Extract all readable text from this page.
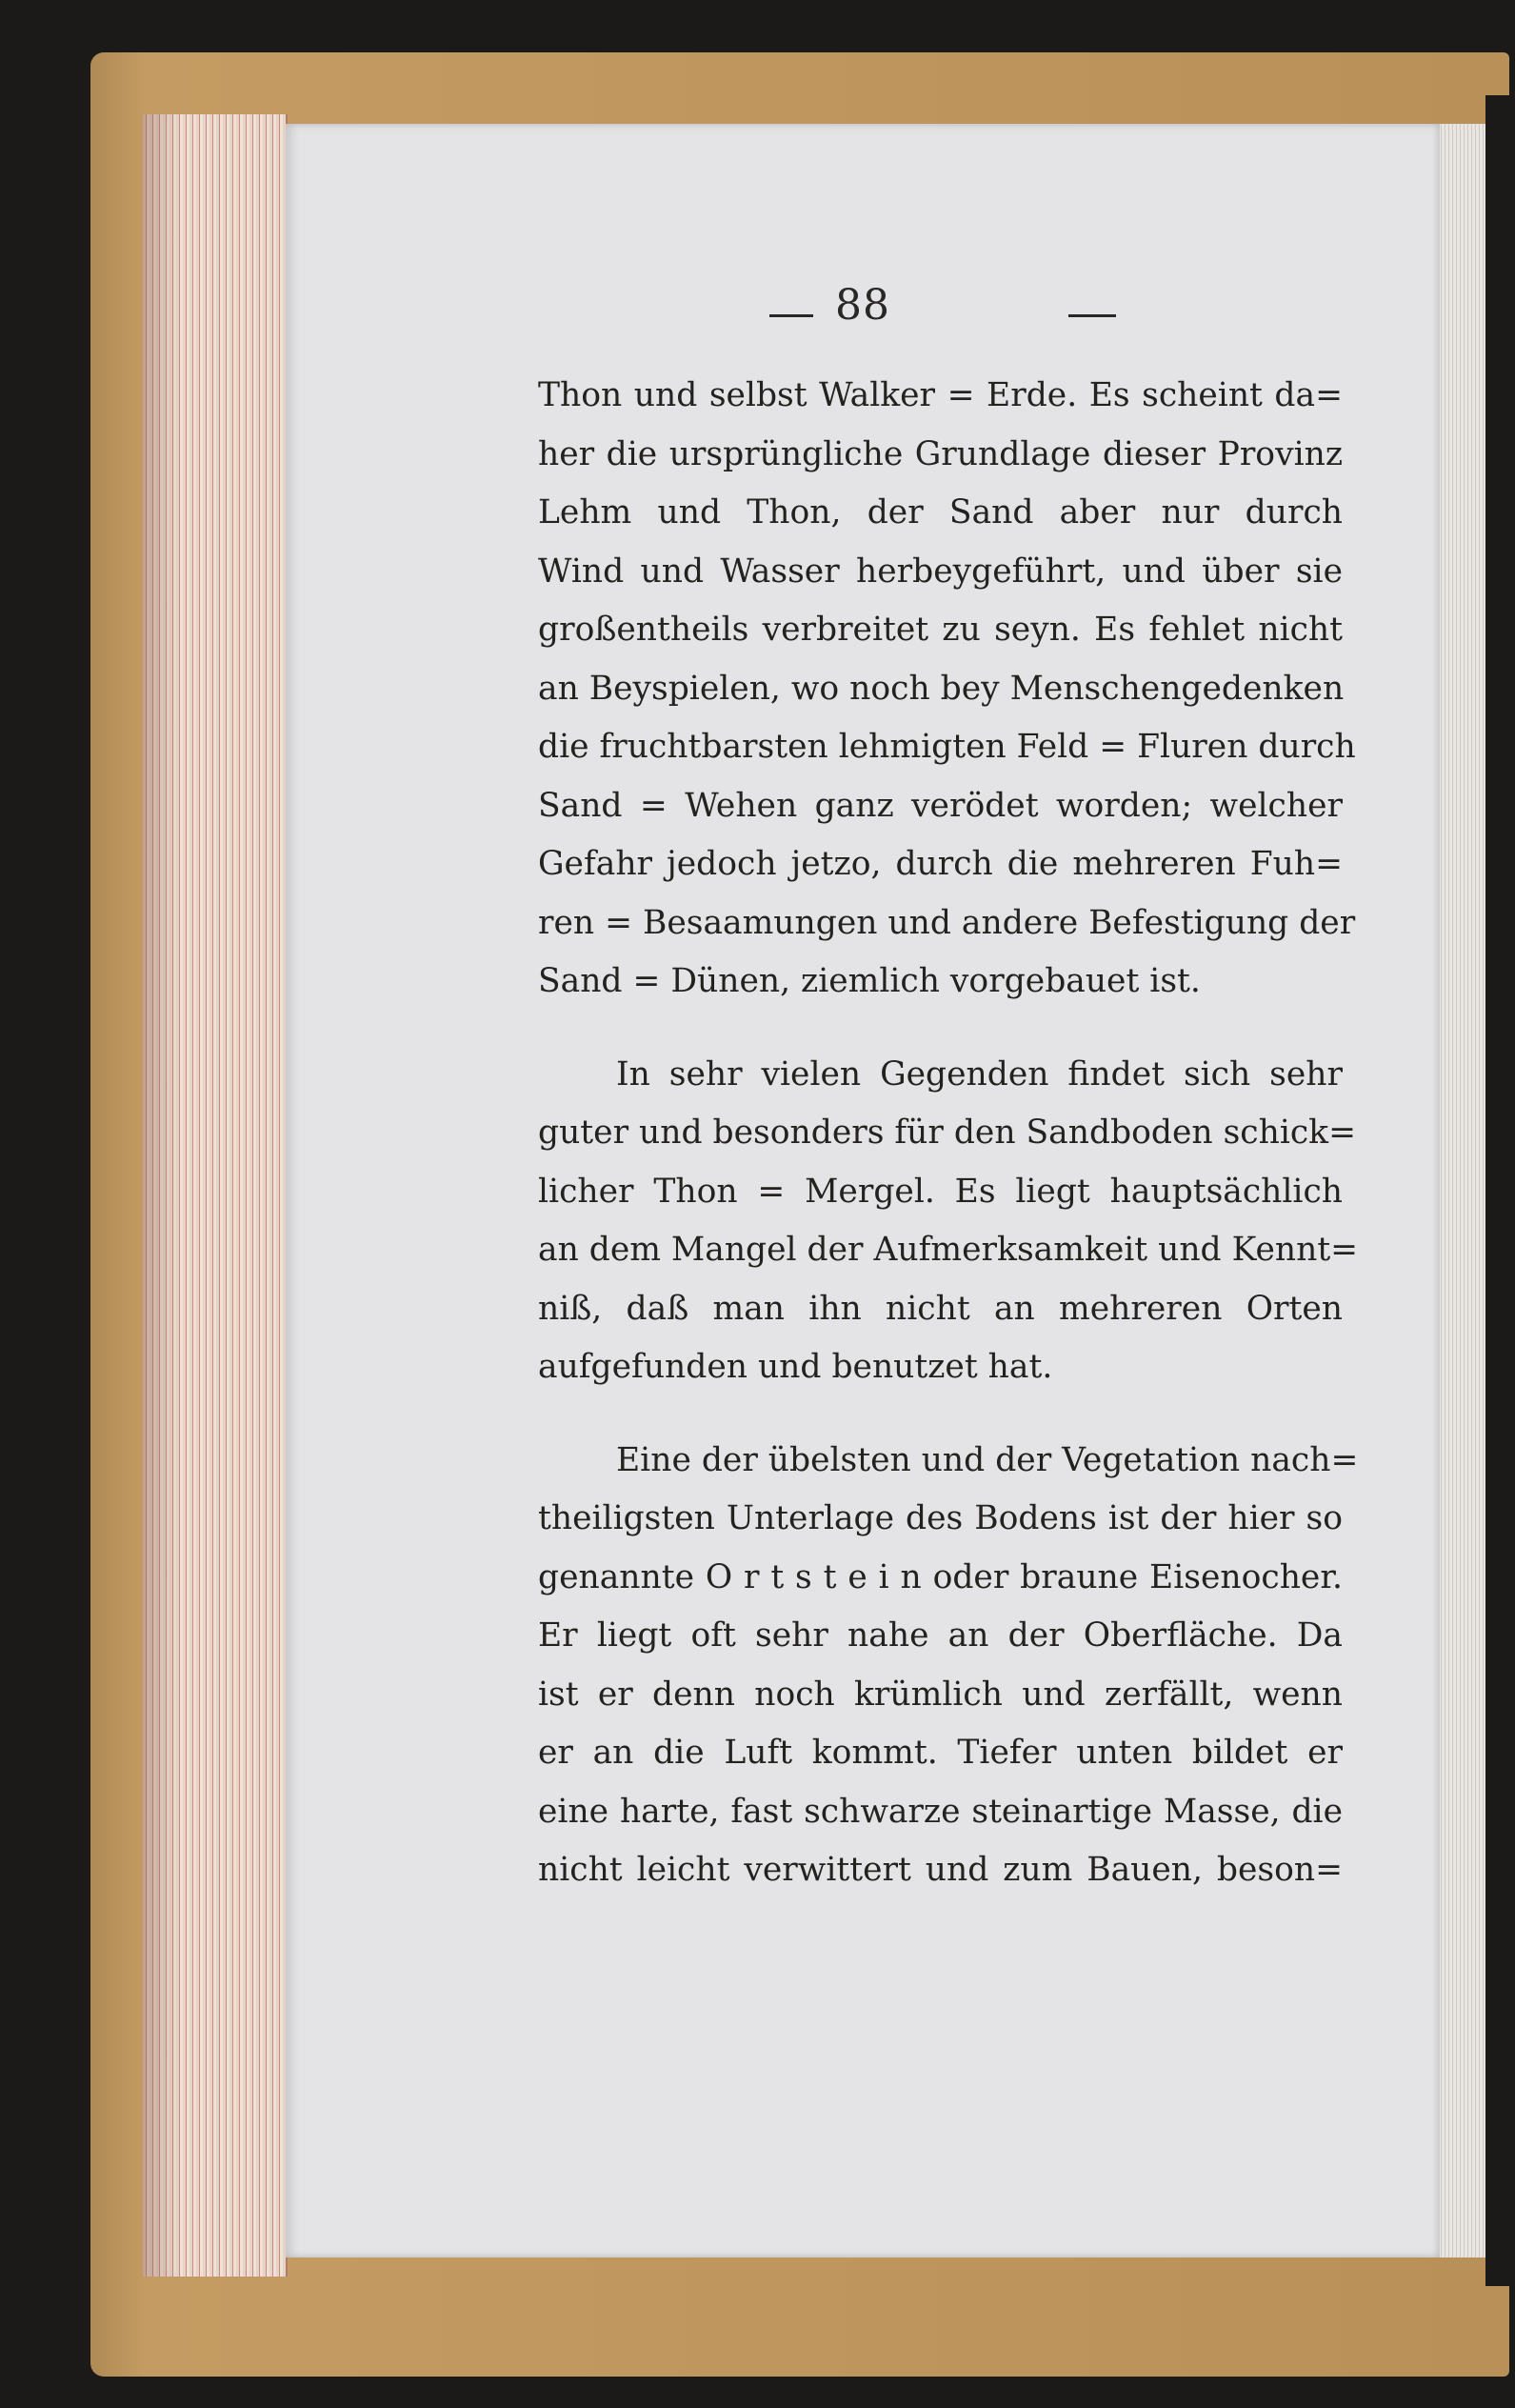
88
Thon und selbst Walker = Erde. Es scheint da=
her die ursprüngliche Grundlage dieser Provinz
Lehm und Thon, der Sand aber nur durch
Wind und Wasser herbeygeführt, und über sie
großentheils verbreitet zu seyn. Es fehlet nicht
an Beyspielen, wo noch bey Menschengedenken
die fruchtbarsten lehmigten Feld = Fluren durch
Sand = Wehen ganz verödet worden; welcher
Gefahr jedoch jetzo, durch die mehreren Fuh=
ren = Besaamungen und andere Befestigung der
Sand = Dünen, ziemlich vorgebauet ist.
In sehr vielen Gegenden findet sich sehr
guter und besonders für den Sandboden schick=
licher Thon = Mergel. Es liegt hauptsächlich
an dem Mangel der Aufmerksamkeit und Kennt=
niß, daß man ihn nicht an mehreren Orten
aufgefunden und benutzet hat.
Eine der übelsten und der Vegetation nach=
theiligsten Unterlage des Bodens ist der hier so
genannte O r t s t e i n oder braune Eisenocher.
Er liegt oft sehr nahe an der Oberfläche. Da
ist er denn noch krümlich und zerfällt, wenn
er an die Luft kommt. Tiefer unten bildet er
eine harte, fast schwarze steinartige Masse, die
nicht leicht verwittert und zum Bauen, beson=
